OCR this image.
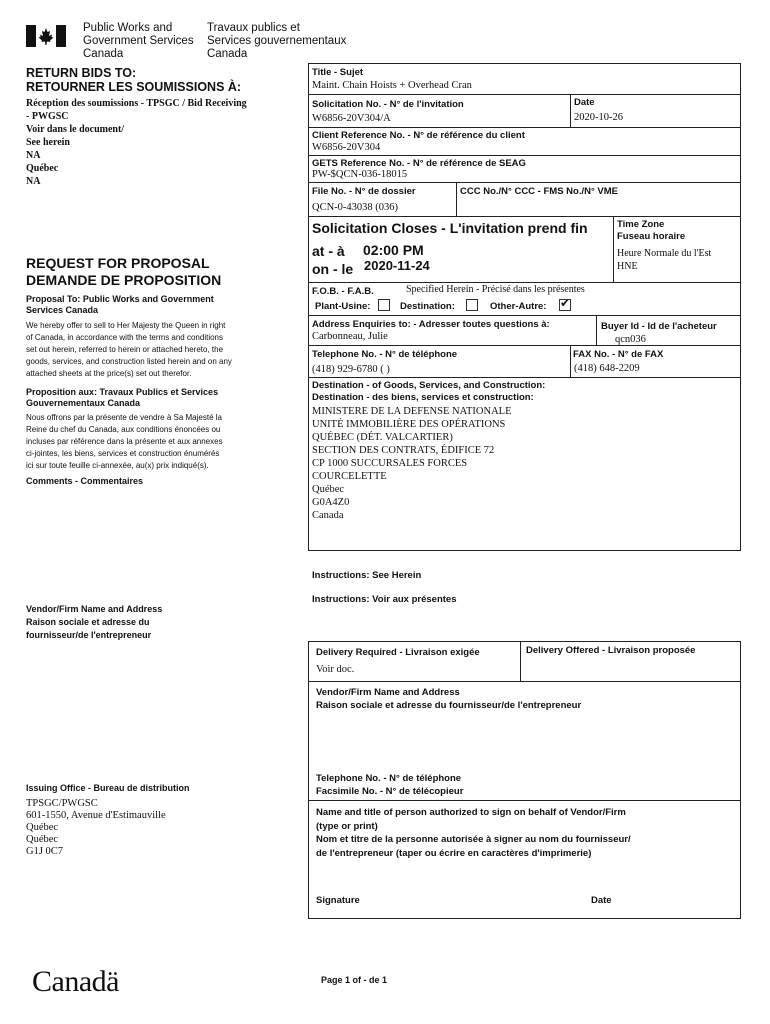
Public Works and
Government Services
Canada
Travaux publics et
Services gouvernementaux
Canada
RETURN BIDS TO:
RETOURNER LES SOUMISSIONS À:
Réception des soumissions - TPSGC / Bid Receiving
- PWGSC
Voir dans le document/
See herein
NA
Québec
NA
REQUEST FOR PROPOSAL
DEMANDE DE PROPOSITION
Proposal To: Public Works and Government
Services Canada
We hereby offer to sell to Her Majesty the Queen in right
of Canada, in accordance with the terms and conditions
set out herein, referred to herein or attached hereto, the
goods, services, and construction listed herein and on any
attached sheets at the price(s) set out therefor.
Proposition aux: Travaux Publics et Services
Gouvernementaux Canada
Nous offrons par la présente de vendre à Sa Majesté la
Reine du chef du Canada, aux conditions énoncées ou
incluses par référence dans la présente et aux annexes
ci-jointes, les biens, services et construction énumérés
ici sur toute feuille ci-annexée, au(x) prix indiqué(s).
Comments - Commentaires
Vendor/Firm Name and Address
Raison sociale et adresse du
fournisseur/de l'entrepreneur
Issuing Office - Bureau de distribution
TPSGC/PWGSC
601-1550, Avenue d'Estimauville
Québec
Québec
G1J 0C7
Title - Sujet
Maint. Chain Hoists + Overhead Cran
Solicitation No. - N° de l'invitation
W6856-20V304/A
Date
2020-10-26
Client Reference No. - N° de référence du client
W6856-20V304
GETS Reference No. - N° de référence de SEAG
PW-$QCN-036-18015
File No. - N° de dossier
QCN-0-43038 (036)
CCC No./N° CCC - FMS No./N° VME
Solicitation Closes - L'invitation prend fin
at - à 02:00 PM
on - le 2020-11-24
Time Zone
Fuseau horaire
Heure Normale du l'Est
HNE
F.O.B. - F.A.B.	Specified Herein - Précisé dans les présentes
Plant-Usine:	Destination:	Other-Autre: ✔
Address Enquiries to: - Adresser toutes questions à:
Carbonneau, Julie
Buyer Id - Id de l'acheteur
qcn036
Telephone No. - N° de téléphone
(418) 929-6780 ( )
FAX No. - N° de FAX
(418) 648-2209
Destination - of Goods, Services, and Construction:
Destination - des biens, services et construction:
MINISTERE DE LA DEFENSE NATIONALE
UNITÉ IMMOBILIÈRE DES OPÉRATIONS
QUÉBEC (DÉT. VALCARTIER)
SECTION DES CONTRATS, ÉDIFICE 72
CP 1000 SUCCURSALES FORCES
COURCELETTE
Québec
G0A4Z0
Canada
Instructions: See Herein
Instructions: Voir aux présentes
Delivery Required - Livraison exigée
Voir doc.
Delivery Offered - Livraison proposée
Vendor/Firm Name and Address
Raison sociale et adresse du fournisseur/de l'entrepreneur
Telephone No. - N° de téléphone
Facsimile No. - N° de télécopieur
Name and title of person authorized to sign on behalf of Vendor/Firm
(type or print)
Nom et titre de la personne autorisée à signer au nom du fournisseur/
de l'entrepreneur (taper ou écrire en caractères d'imprimerie)
Signature	Date
Canadä	Page 1 of - de 1
